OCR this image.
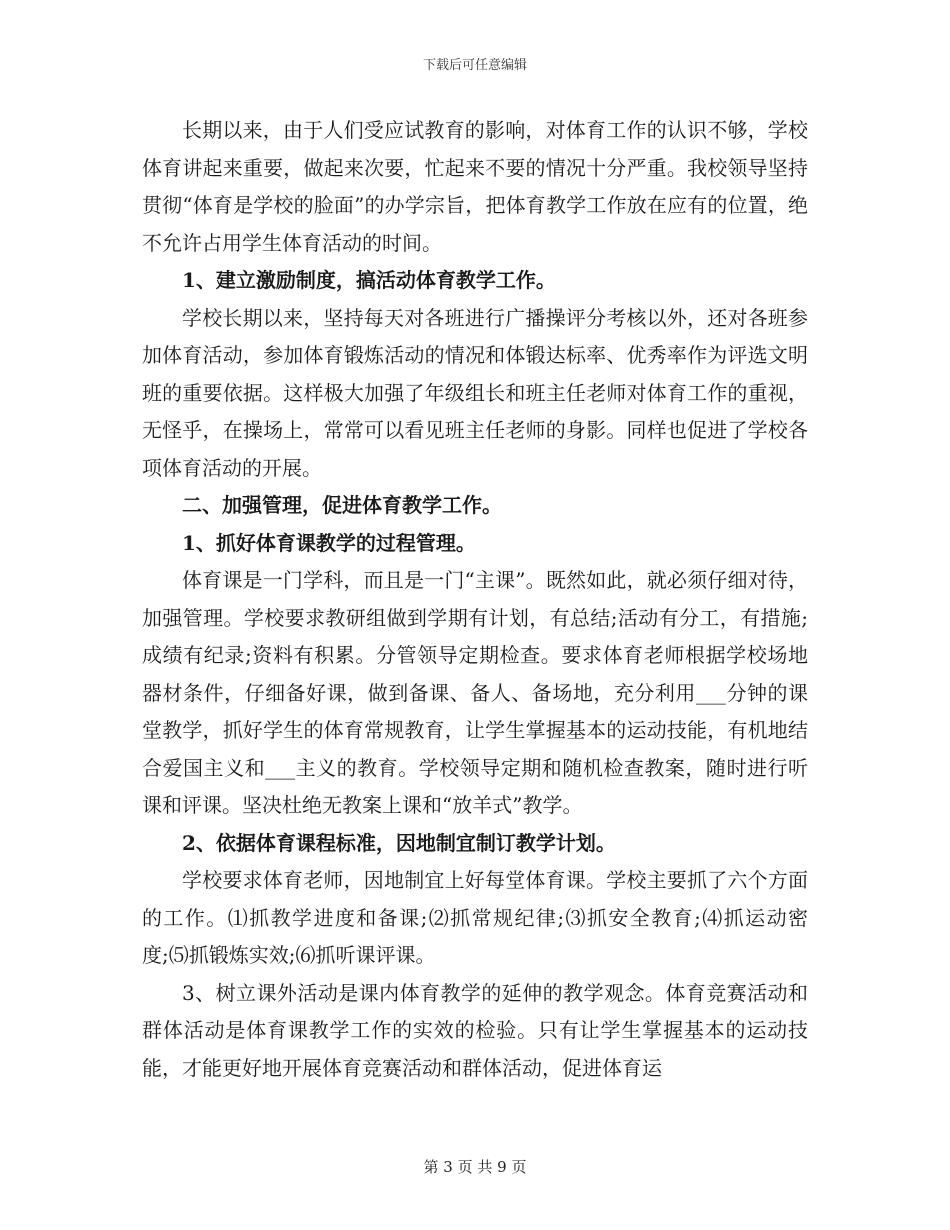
下载后可任意编辑

长期以来，由于人们受应试教育的影响，对体育工作的认识不够，学校体育讲起来重要，做起来次要，忙起来不要的情况十分严重。我校领导坚持贯彻“体育是学校的脸面”的办学宗旨，把体育教学工作放在应有的位置，绝不允许占用学生体育活动的时间。

1、建立激励制度，搞活动体育教学工作。

学校长期以来，坚持每天对各班进行广播操评分考核以外，还对各班参加体育活动，参加体育锻炼活动的情况和体锻达标率、优秀率作为评选文明班的重要依据。这样极大加强了年级组长和班主任老师对体育工作的重视，无怪乎，在操场上，常常可以看见班主任老师的身影。同样也促进了学校各项体育活动的开展。

二、加强管理，促进体育教学工作。

1、抓好体育课教学的过程管理。

体育课是一门学科，而且是一门“主课”。既然如此，就必须仔细对待，加强管理。学校要求教研组做到学期有计划，有总结;活动有分工，有措施;成绩有纪录;资料有积累。分管领导定期检查。要求体育老师根据学校场地器材条件，仔细备好课，做到备课、备人、备场地，充分利用___分钟的课堂教学，抓好学生的体育常规教育，让学生掌握基本的运动技能，有机地结合爱国主义和___主义的教育。学校领导定期和随机检查教案，随时进行听课和评课。坚决杜绝无教案上课和“放羊式”教学。

2、依据体育课程标准，因地制宜制订教学计划。

学校要求体育老师，因地制宜上好每堂体育课。学校主要抓了六个方面的工作。⑴抓教学进度和备课;⑵抓常规纪律;⑶抓安全教育;⑷抓运动密度;⑸抓锻炼实效;⑹抓听课评课。

3、树立课外活动是课内体育教学的延伸的教学观念。体育竞赛活动和群体活动是体育课教学工作的实效的检验。只有让学生掌握基本的运动技能，才能更好地开展体育竞赛活动和群体活动，促进体育运

第 3 页 共 9 页
